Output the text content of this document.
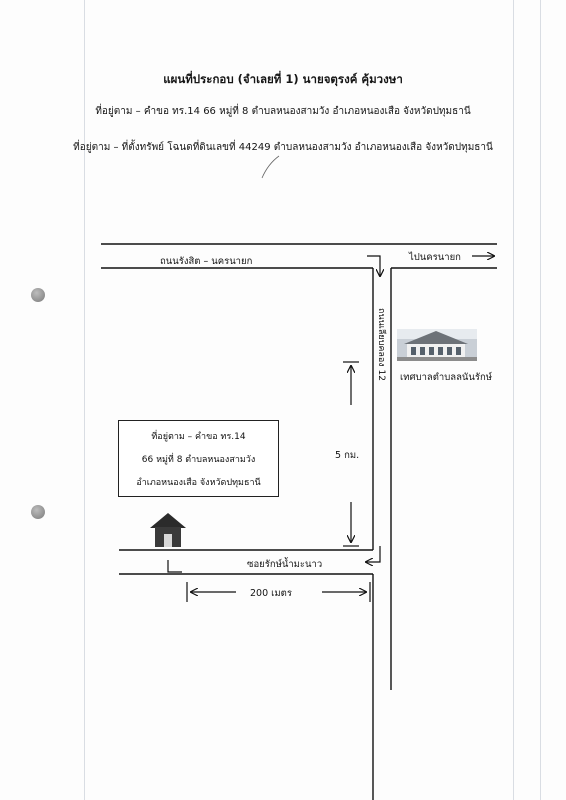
แผนที่ประกอบ (จำเลยที่ 1) นายจตุรงค์ คุ้มวงษา
ที่อยู่ตาม – คำขอ ทร.14 66 หมู่ที่ 8 ตำบลหนองสามวัง อำเภอหนองเสือ จังหวัดปทุมธานี
ที่อยู่ตาม – ที่ตั้งทรัพย์ โฉนดที่ดินเลขที่ 44249 ตำบลหนองสามวัง อำเภอหนองเสือ จังหวัดปทุมธานี
ถนนเลียบคลอง 12
ถนนรังสิต – นครนายก	ไปนครนายก
เทศบาลตำบลลนันรักษ์
5 กม.
ซอยรักษ์น้ำมะนาว
200 เมตร
ที่อยู่ตาม – คำขอ ทร.14
66 หมู่ที่ 8 ตำบลหนองสามวัง
อำเภอหนองเสือ จังหวัดปทุมธานี
